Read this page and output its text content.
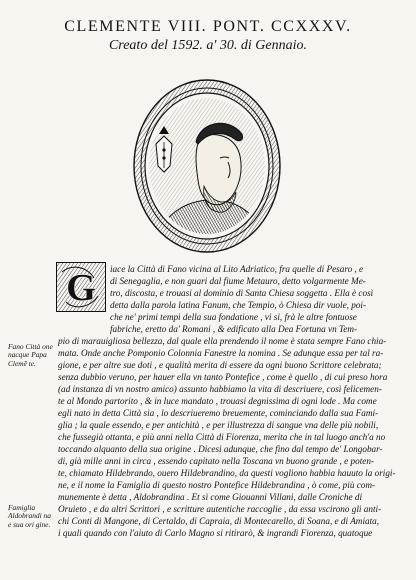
CLEMENTE VIII. PONT. CCXXXV.
Creato del 1592. a' 30. di Gennaio.
G
Fano Città one nacque Papa Clemē te.
Famiglia Aldobrandi na e sua ori gine.
iace la Città di Fano vicina al Lito Adriatico, fra quelle di Pesaro , e
di Senegaglia, e non guari dal fiume Metauro, detto volgarmente Me-
tro, discosta, e trouasi al dominio di Santa Chiesa soggetta . Ella è così
detta dalla parola latina Fanum, che Tempio, ò Chiesa dir vuole, poi-
che ne' primi tempi della sua fondatione , vi si, frà le altre fontuose
fabriche, eretto da' Romani , & edificato alla Dea Fortuna vn Tem-
pio di marauigliosa bellezza, dal quale ella prendendo il nome è stata sempre Fano chia-
mata. Onde anche Pomponio Colonnia Fanestre la nomina . Se adunque essa per tal ra-
gione, e per altre sue doti , e qualità merita di essere da ogni buono Scrittore celebrata;
senza dubbio veruno, per hauer ella vn tanto Pontefice , come è quello , di cui preso hora
(ad instanza di vn nostro amico) assunto habbiamo la vita di descriuere, così felicemen-
te al Mondo partorito , & in luce mandato , trouasi degnissima di ogni lode . Ma come
egli nato in detta Città sia , lo descriueremo breuemente, cominciando dalla sua Fami-
glia ; la quale essendo, e per antichità , e per illustrezza di sangue vna delle più nobili,
che fussegià ottanta, e più anni nella Città di Fiorenza, merita che in tal luogo anch'a no
toccando alquanto della sua origine . Dicesi adunque, che fino dal tempo de' Longobar-
di, già mille anni in circa , essendo capitato nella Toscana vn buono grande , e poten-
te, chiamato Hildebrando, ouero Hildebrandino, da questi vogliono habbia hauuto la origi-
ne, e il nome la Famiglia di questo nostro Pontefice Hildebrandina , ò come, più com-
munemente è detta , Aldobrandina . Et sì come Giouanni Villani, dalle Croniche di
Oruieto , e da altri Scrittori , e scritture autentiche raccoglie , da essa vscirono gli anti-
chi Conti di Mangone, di Certaldo, di Capraia, di Montecarello, di Soana, e di Amiata,
i quali quando con l'aiuto di Carlo Magno si ritirarò, & ingrandì Fiorenza, quatoque
